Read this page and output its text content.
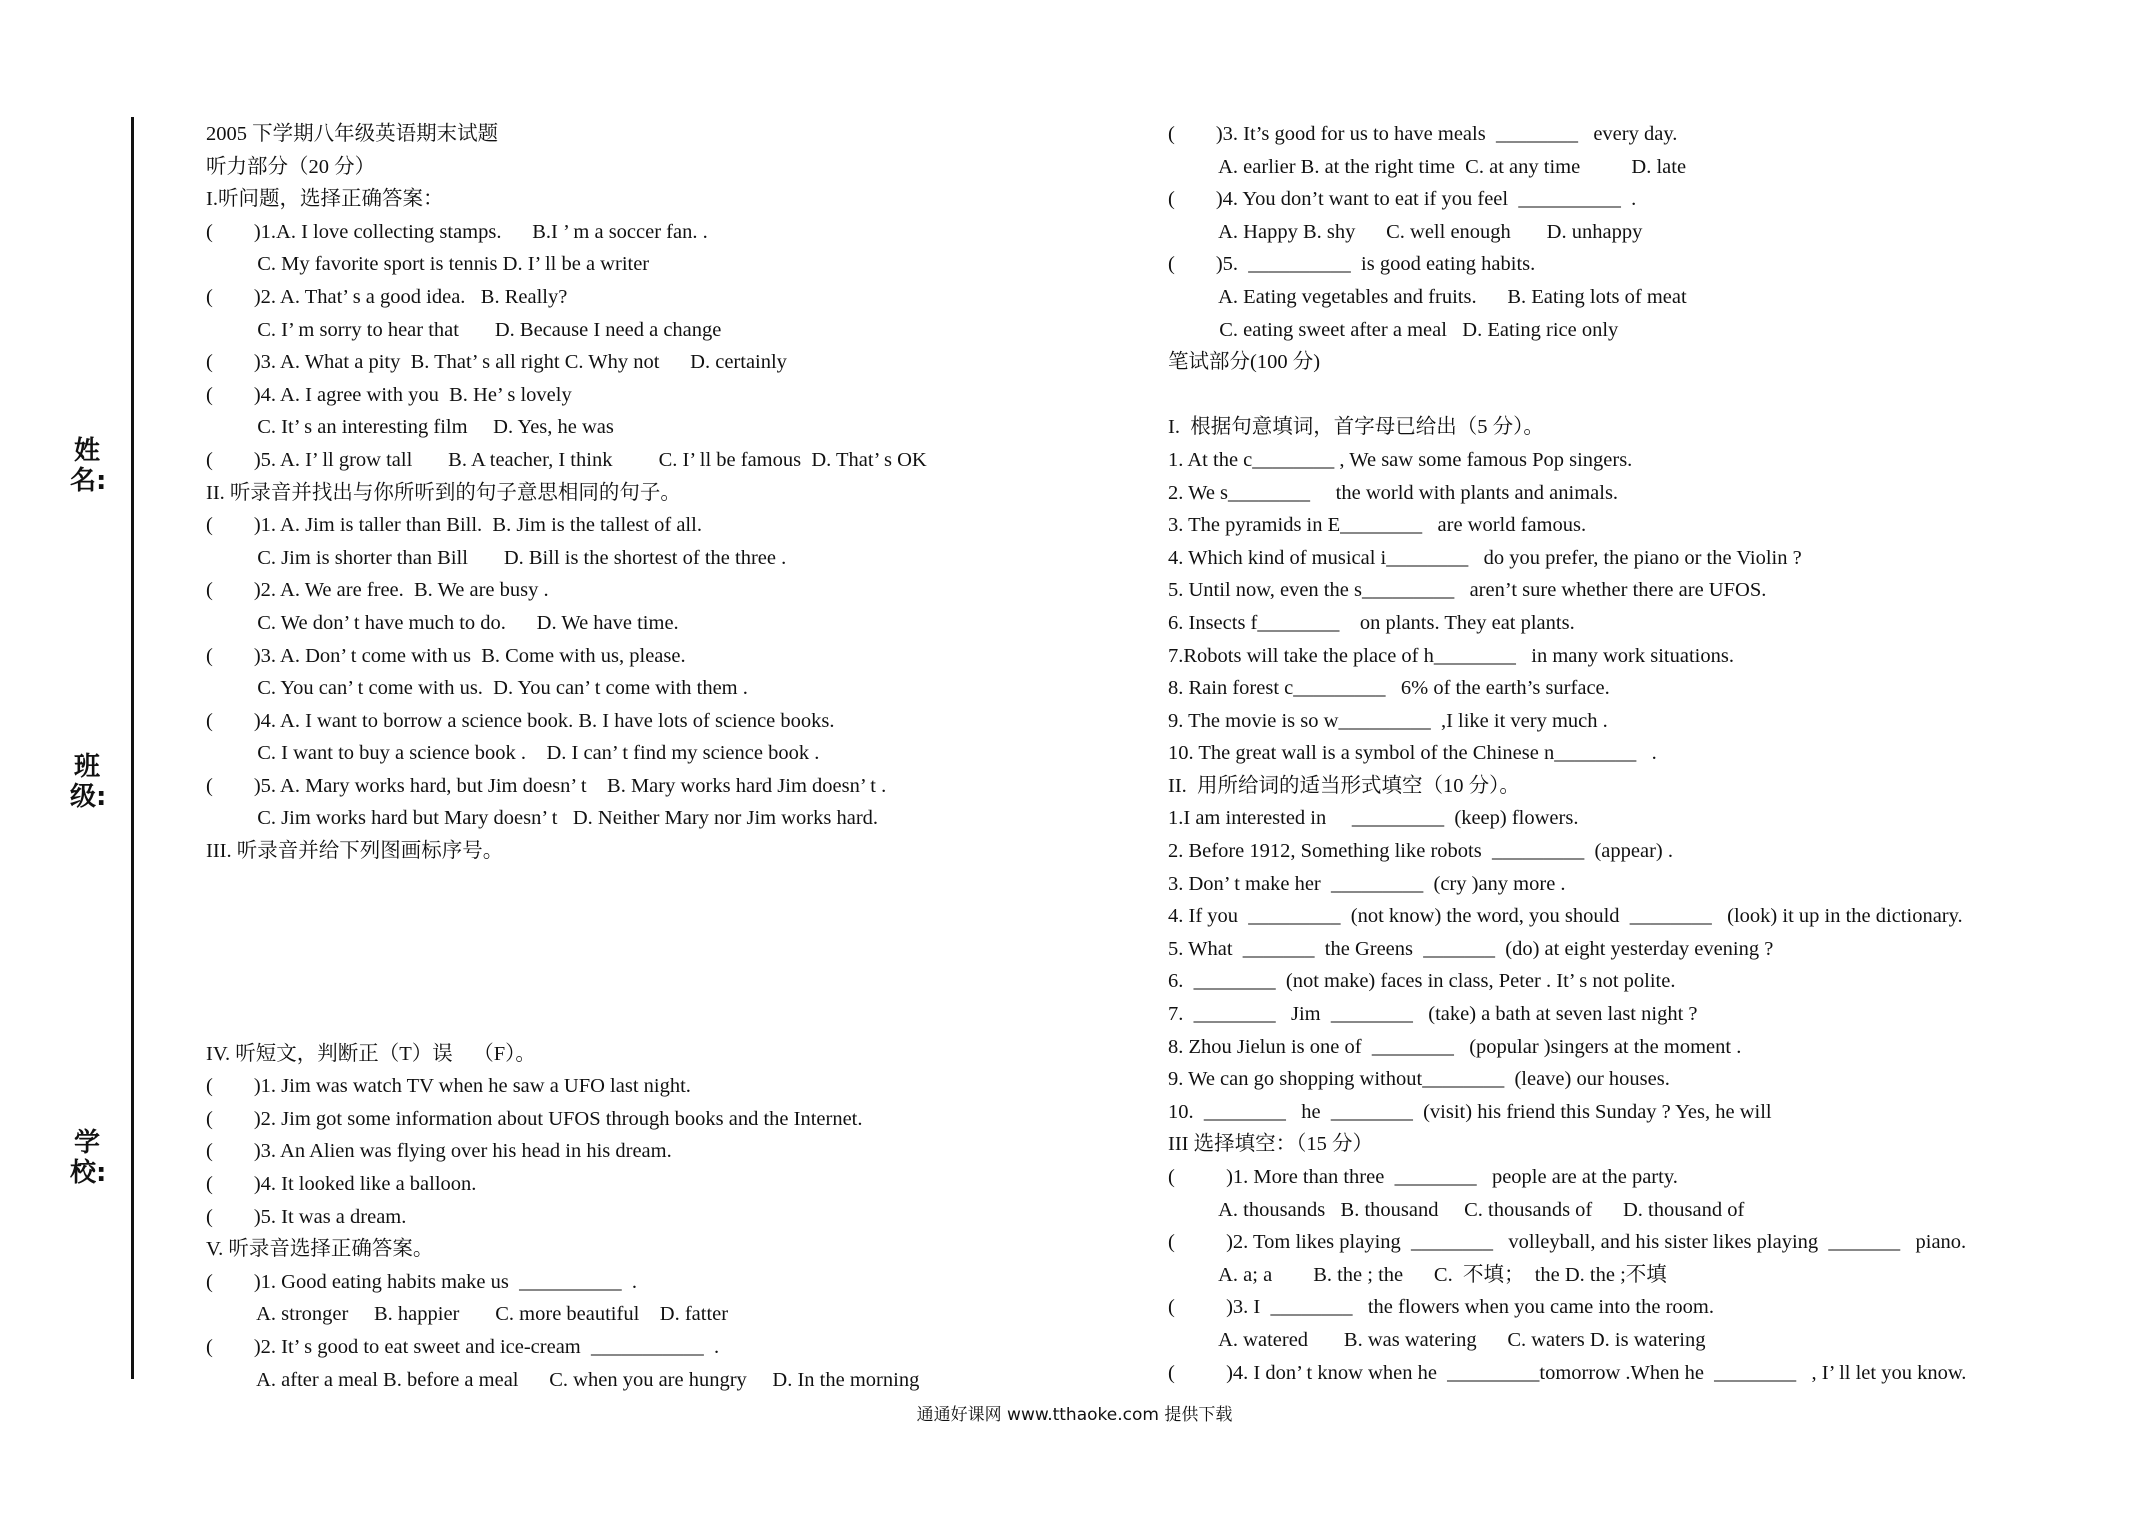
姓名:
班级:
学校:
2005 下学期八年级英语期末试题
听力部分（20 分）
I.听问题，选择正确答案：
(        )1.A. I love collecting stamps.      B.I ’ m a soccer fan. .
C. My favorite sport is tennis D. I’ ll be a writer
(        )2. A. That’ s a good idea.   B. Really?
C. I’ m sorry to hear that       D. Because I need a change
(        )3. A. What a pity  B. That’ s all right C. Why not      D. certainly
(        )4. A. I agree with you  B. He’ s lovely
C. It’ s an interesting film     D. Yes, he was
(        )5. A. I’ ll grow tall       B. A teacher, I think         C. I’ ll be famous  D. That’ s OK
II. 听录音并找出与你所听到的句子意思相同的句子。
(        )1. A. Jim is taller than Bill.  B. Jim is the tallest of all.
C. Jim is shorter than Bill       D. Bill is the shortest of the three .
(        )2. A. We are free.  B. We are busy .
C. We don’ t have much to do.      D. We have time.
(        )3. A. Don’ t come with us  B. Come with us, please.
C. You can’ t come with us.  D. You can’ t come with them .
(        )4. A. I want to borrow a science book. B. I have lots of science books.
C. I want to buy a science book .    D. I can’ t find my science book .
(        )5. A. Mary works hard, but Jim doesn’ t    B. Mary works hard Jim doesn’ t .
C. Jim works hard but Mary doesn’ t   D. Neither Mary nor Jim works hard.
III. 听录音并给下列图画标序号。
IV. 听短文，判断正（T）误    （F）。
(        )1. Jim was watch TV when he saw a UFO last night.
(        )2. Jim got some information about UFOS through books and the Internet.
(        )3. An Alien was flying over his head in his dream.
(        )4. It looked like a balloon.
(        )5. It was a dream.
V. 听录音选择正确答案。
(        )1. Good eating habits make us  __________  .
A. stronger     B. happier       C. more beautiful    D. fatter
(        )2. It’ s good to eat sweet and ice-cream  ___________  .
A. after a meal B. before a meal      C. when you are hungry     D. In the morning
(        )3. It’s good for us to have meals  ________   every day.
A. earlier B. at the right time  C. at any time          D. late
(        )4. You don’t want to eat if you feel  __________  .
A. Happy B. shy      C. well enough       D. unhappy
(        )5.  __________  is good eating habits.
A. Eating vegetables and fruits.      B. Eating lots of meat
C. eating sweet after a meal   D. Eating rice only
笔试部分(100 分)
I.  根据句意填词，首字母已给出（5 分）。
1. At the c________ , We saw some famous Pop singers.
2. We s________     the world with plants and animals.
3. The pyramids in E________   are world famous.
4. Which kind of musical i________   do you prefer, the piano or the Violin ?
5. Until now, even the s_________   aren’t sure whether there are UFOS.
6. Insects f________    on plants. They eat plants.
7.Robots will take the place of h________   in many work situations.
8. Rain forest c_________   6% of the earth’s surface.
9. The movie is so w_________  ,I like it very much .
10. The great wall is a symbol of the Chinese n________   .
II.  用所给词的适当形式填空（10 分）。
1.I am interested in     _________  (keep) flowers.
2. Before 1912, Something like robots  _________  (appear) .
3. Don’ t make her  _________  (cry )any more .
4. If you  _________  (not know) the word, you should  ________   (look) it up in the dictionary.
5. What  _______  the Greens  _______  (do) at eight yesterday evening ?
6.  ________  (not make) faces in class, Peter . It’ s not polite.
7.  ________   Jim  ________   (take) a bath at seven last night ?
8. Zhou Jielun is one of  ________   (popular )singers at the moment .
9. We can go shopping without________  (leave) our houses.
10.  ________   he  ________  (visit) his friend this Sunday ? Yes, he will
III 选择填空：（15 分）
(          )1. More than three  ________   people are at the party.
A. thousands   B. thousand     C. thousands of      D. thousand of
(          )2. Tom likes playing  ________   volleyball, and his sister likes playing  _______   piano.
A. a; a        B. the ; the      C.  不填；  the D. the ;不填
(          )3. I  ________   the flowers when you came into the room.
A. watered       B. was watering      C. waters D. is watering
(          )4. I don’ t know when he  _________tomorrow .When he  ________   , I’ ll let you know.
通通好课网 www.tthaoke.com 提供下载
